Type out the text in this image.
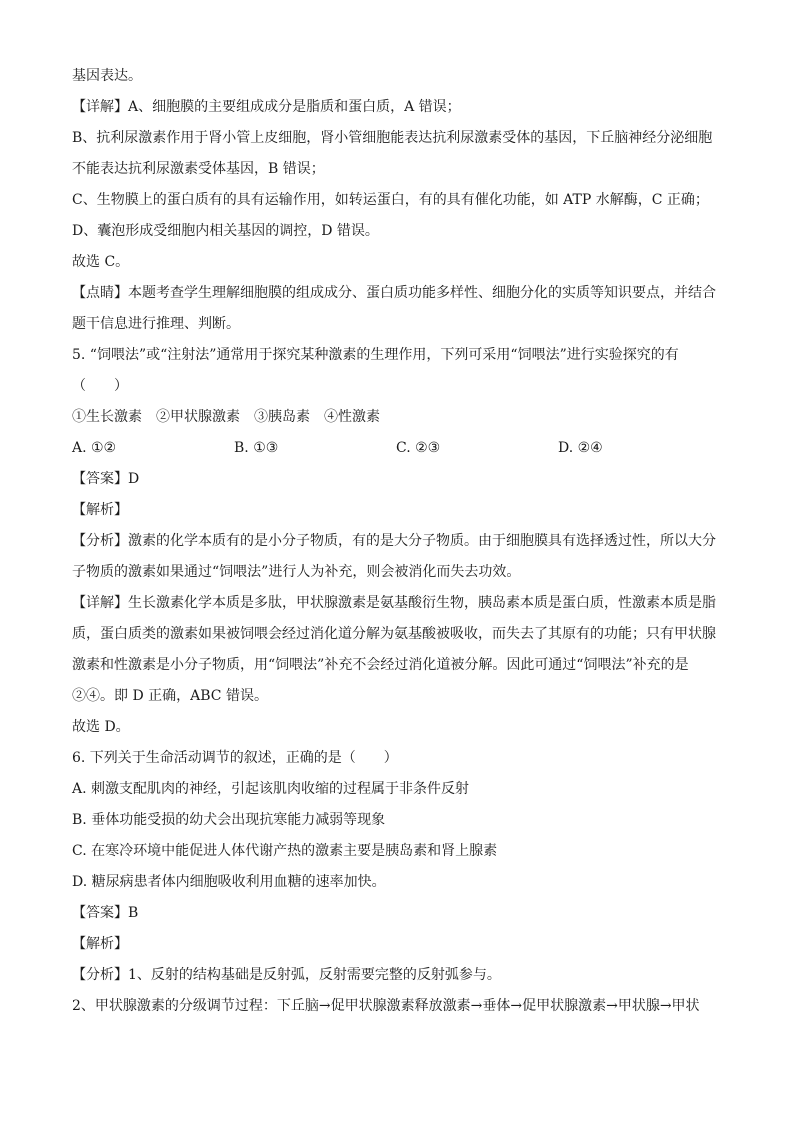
基因表达。
【详解】A、细胞膜的主要组成成分是脂质和蛋白质，A 错误；
B、抗利尿激素作用于肾小管上皮细胞，肾小管细胞能表达抗利尿激素受体的基因，下丘脑神经分泌细胞
不能表达抗利尿激素受体基因，B 错误；
C、生物膜上的蛋白质有的具有运输作用，如转运蛋白，有的具有催化功能，如 ATP 水解酶，C 正确；
D、囊泡形成受细胞内相关基因的调控，D 错误。
故选 C。
【点睛】本题考查学生理解细胞膜的组成成分、蛋白质功能多样性、细胞分化的实质等知识要点，并结合
题干信息进行推理、判断。
5. “饲喂法”或“注射法”通常用于探究某种激素的生理作用，下列可采用“饲喂法”进行实验探究的有
（　　）
①生长激素　②甲状腺激素　③胰岛素　④性激素
A. ①②	B. ①③	C. ②③	D. ②④
【答案】D
【解析】
【分析】激素的化学本质有的是小分子物质，有的是大分子物质。由于细胞膜具有选择透过性，所以大分
子物质的激素如果通过“饲喂法”进行人为补充，则会被消化而失去功效。
【详解】生长激素化学本质是多肽，甲状腺激素是氨基酸衍生物，胰岛素本质是蛋白质，性激素本质是脂
质，蛋白质类的激素如果被饲喂会经过消化道分解为氨基酸被吸收，而失去了其原有的功能；只有甲状腺
激素和性激素是小分子物质，用“饲喂法”补充不会经过消化道被分解。因此可通过“饲喂法”补充的是
②④。即 D 正确，ABC 错误。
故选 D。
6. 下列关于生命活动调节的叙述，正确的是（　　）
A. 刺激支配肌肉的神经，引起该肌肉收缩的过程属于非条件反射
B. 垂体功能受损的幼犬会出现抗寒能力减弱等现象
C. 在寒冷环境中能促进人体代谢产热的激素主要是胰岛素和肾上腺素
D. 糖尿病患者体内细胞吸收利用血糖的速率加快。
【答案】B
【解析】
【分析】1、反射的结构基础是反射弧，反射需要完整的反射弧参与。
2、甲状腺激素的分级调节过程：下丘脑→促甲状腺激素释放激素→垂体→促甲状腺激素→甲状腺→甲状
